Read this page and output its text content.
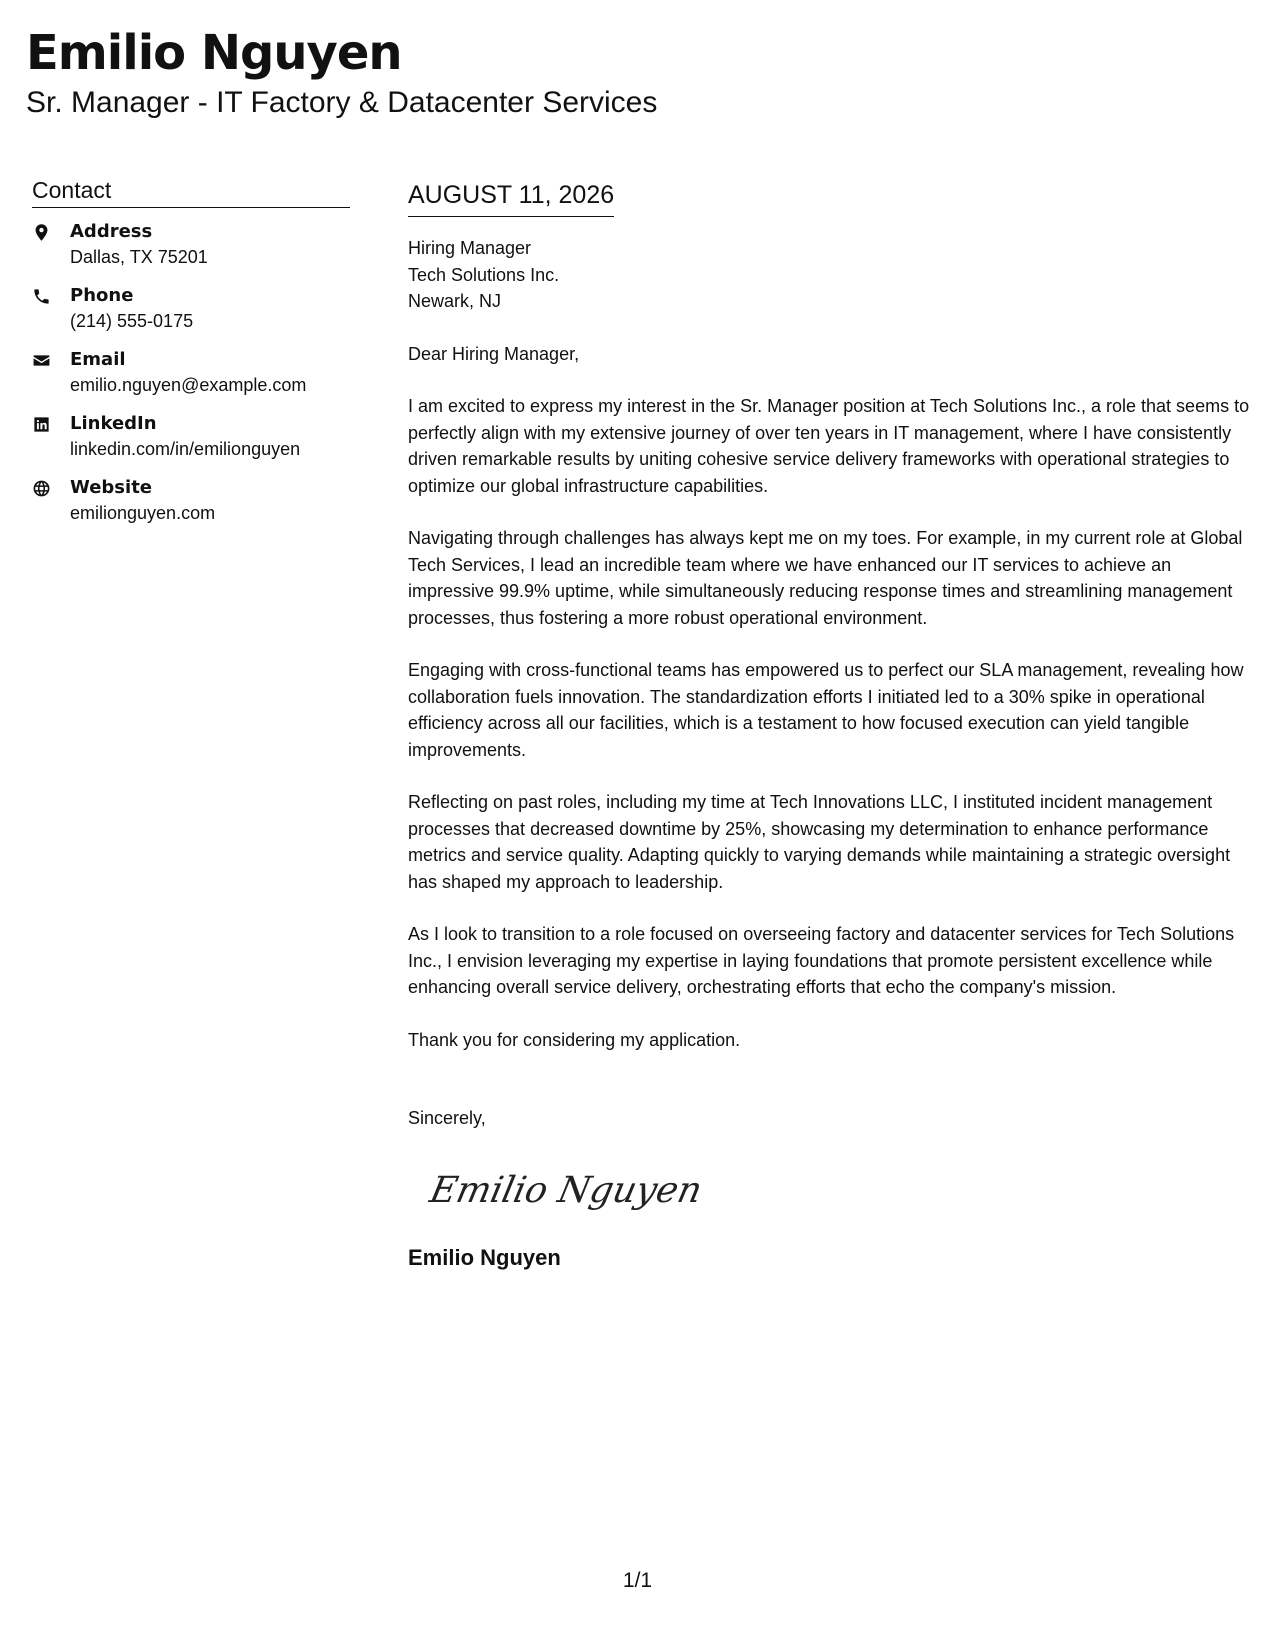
Emilio Nguyen

Sr. Manager - IT Factory & Datacenter Services

Contact
Address
Dallas, TX 75201
Phone
(214) 555-0175
Email
emilio.nguyen@example.com
LinkedIn
linkedin.com/in/emilionguyen
Website
emilionguyen.com
AUGUST 11, 2026

Hiring Manager

Tech Solutions Inc.

Newark, NJ

Dear Hiring Manager,

I am excited to express my interest in the Sr. Manager position at Tech Solutions Inc., a role that seems to perfectly align with my extensive journey of over ten years in IT management, where I have consistently driven remarkable results by uniting cohesive service delivery frameworks with operational strategies to optimize our global infrastructure capabilities.

Navigating through challenges has always kept me on my toes. For example, in my current role at Global Tech Services, I lead an incredible team where we have enhanced our IT services to achieve an impressive 99.9% uptime, while simultaneously reducing response times and streamlining management processes, thus fostering a more robust operational environment.

Engaging with cross-functional teams has empowered us to perfect our SLA management, revealing how collaboration fuels innovation. The standardization efforts I initiated led to a 30% spike in operational efficiency across all our facilities, which is a testament to how focused execution can yield tangible improvements.

Reflecting on past roles, including my time at Tech Innovations LLC, I instituted incident management processes that decreased downtime by 25%, showcasing my determination to enhance performance metrics and service quality. Adapting quickly to varying demands while maintaining a strategic oversight has shaped my approach to leadership.

As I look to transition to a role focused on overseeing factory and datacenter services for Tech Solutions Inc., I envision leveraging my expertise in laying foundations that promote persistent excellence while enhancing overall service delivery, orchestrating efforts that echo the company's mission.

Thank you for considering my application.

Sincerely,

Emilio Nguyen

Emilio Nguyen

1/1
